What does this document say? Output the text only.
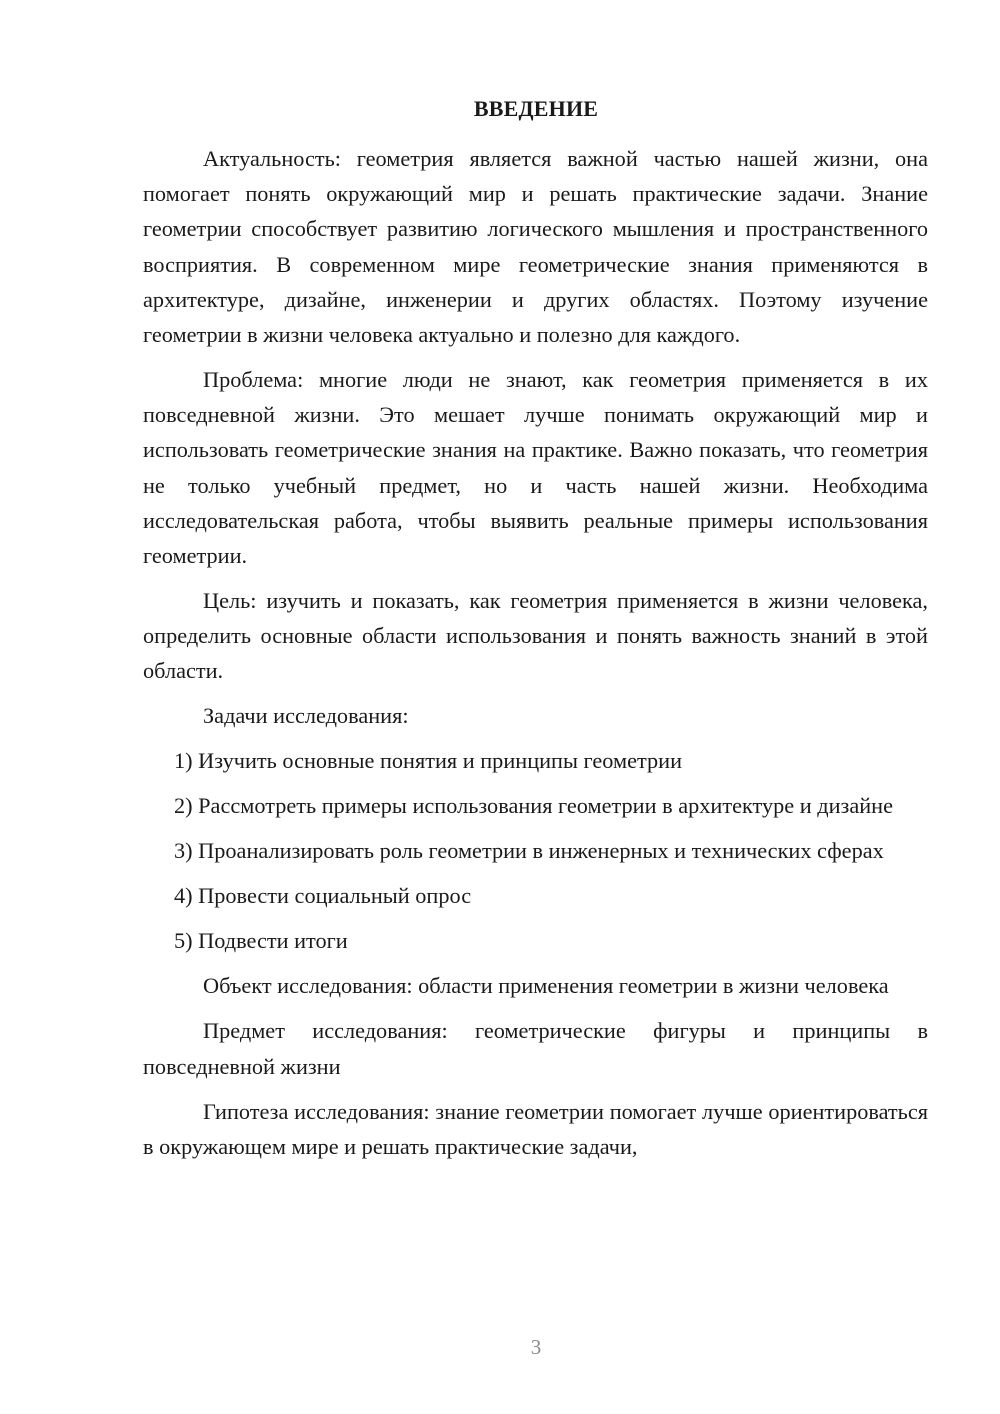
ВВЕДЕНИЕ

Актуальность: геометрия является важной частью нашей жизни, она помогает понять окружающий мир и решать практические задачи. Знание геометрии способствует развитию логического мышления и пространственного восприятия. В современном мире геометрические знания применяются в архитектуре, дизайне, инженерии и других областях. Поэтому изучение геометрии в жизни человека актуально и полезно для каждого.

Проблема: многие люди не знают, как геометрия применяется в их повседневной жизни. Это мешает лучше понимать окружающий мир и использовать геометрические знания на практике. Важно показать, что геометрия не только учебный предмет, но и часть нашей жизни. Необходима исследовательская работа, чтобы выявить реальные примеры использования геометрии.

Цель: изучить и показать, как геометрия применяется в жизни человека, определить основные области использования и понять важность знаний в этой области.

Задачи исследования:

1) Изучить основные понятия и принципы геометрии

2) Рассмотреть примеры использования геометрии в архитектуре и дизайне

3) Проанализировать роль геометрии в инженерных и технических сферах

4) Провести социальный опрос

5) Подвести итоги

Объект исследования: области применения геометрии в жизни человека

Предмет исследования: геометрические фигуры и принципы в повседневной жизни

Гипотеза исследования: знание геометрии помогает лучше ориентироваться в окружающем мире и решать практические задачи,

3
